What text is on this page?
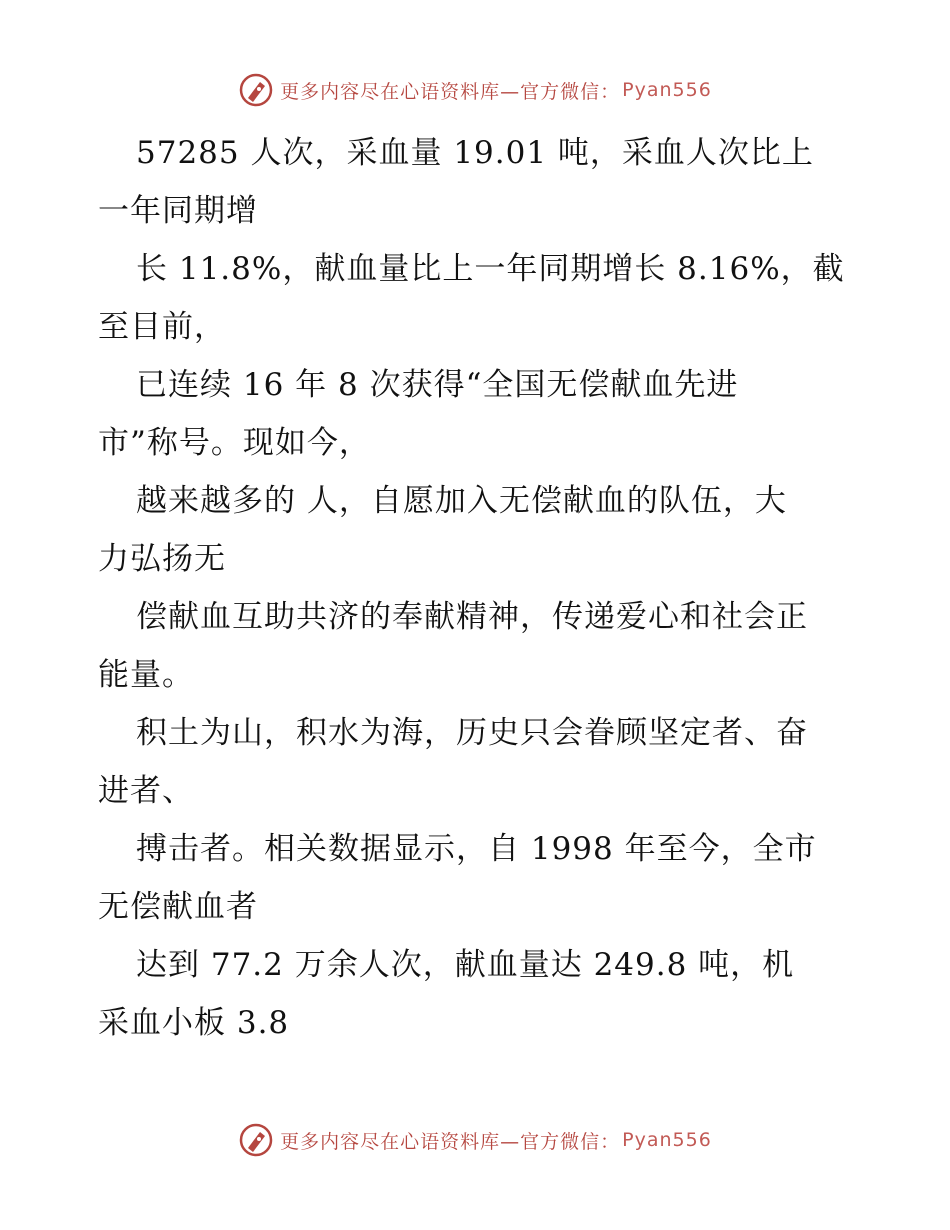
更多内容尽在心语资料库—官方微信： Pyan556

57285 人次，采血量 19.01 吨，采血人次比上
一年同期增

长 11.8%，献血量比上一年同期增长 8.16%，截
至目前，

已连续 16 年 8 次获得“全国无偿献血先进
市”称号。现如今，

越来越多的 人，自愿加入无偿献血的队伍，大
力弘扬无

偿献血互助共济的奉献精神，传递爱心和社会正
能量。

积土为山，积水为海，历史只会眷顾坚定者、奋
进者、

搏击者。相关数据显示，自 1998 年至今，全市
无偿献血者

达到 77.2 万余人次，献血量达 249.8 吨，机
采血小板 3.8

更多内容尽在心语资料库—官方微信： Pyan556
